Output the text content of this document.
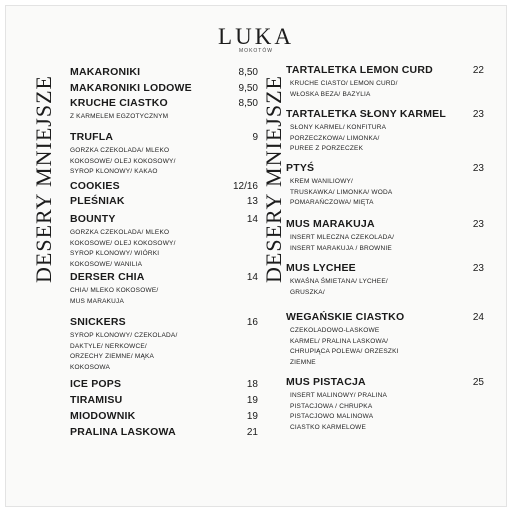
LUKA
MOKOTÓW
DESERY MNIEJSZE	DESERY MNIEJSZE
MAKARONIKI	8,50
MAKARONIKI LODOWE	9,50
KRUCHE CIASTKO	8,50
Z KARMELEM EGZOTYCZNYM
TRUFLA	9
GORZKA CZEKOLADA/ MLEKO
KOKOSOWE/ OLEJ KOKOSOWY/
SYROP KLONOWY/ KAKAO
COOKIES	12/16
PLEŚNIAK	13
BOUNTY	14
GORZKA CZEKOLADA/ MLEKO
KOKOSOWE/ OLEJ KOKOSOWY/
SYROP KLONOWY/ WIÓRKI
KOKOSOWE/ WANILIA
DERSER CHIA	14
CHIA/ MLEKO KOKOSOWE/
MUS MARAKUJA
SNICKERS	16
SYROP KLONOWY/ CZEKOLADA/
DAKTYLE/ NERKOWCE/
ORZECHY ZIEMNE/ MĄKA
KOKOSOWA
ICE POPS	18
TIRAMISU	19
MIODOWNIK	19
PRALINA LASKOWA	21
TARTALETKA LEMON CURD	22
KRUCHE CIASTO/ LEMON CURD/
WŁOSKA BEZA/ BAZYLIA
TARTALETKA SŁONY KARMEL	23
SŁONY KARMEL/ KONFITURA
PORZECZKOWA/ LIMONKA/
PUREE Z PORZECZEK
PTYŚ	23
KREM WANILIOWY/
TRUSKAWKA/ LIMONKA/ WODA
POMARAŃCZOWA/ MIĘTA
MUS MARAKUJA	23
INSERT MLECZNA CZEKOLADA/
INSERT MARAKUJA / BROWNIE
MUS LYCHEE	23
KWAŚNA ŚMIETANA/ LYCHEE/
GRUSZKA/
WEGAŃSKIE CIASTKO	24
CZEKOLADOWO-LASKOWE
KARMEL/ PRALINA LASKOWA/
CHRUPIĄCA POLEWA/ ORZESZKI
ZIEMNE
MUS PISTACJA	25
INSERT MALINOWY/ PRALINA
PISTACJOWA / CHRUPKA
PISTACJOWO MALINOWA
CIASTKO KARMELOWE
